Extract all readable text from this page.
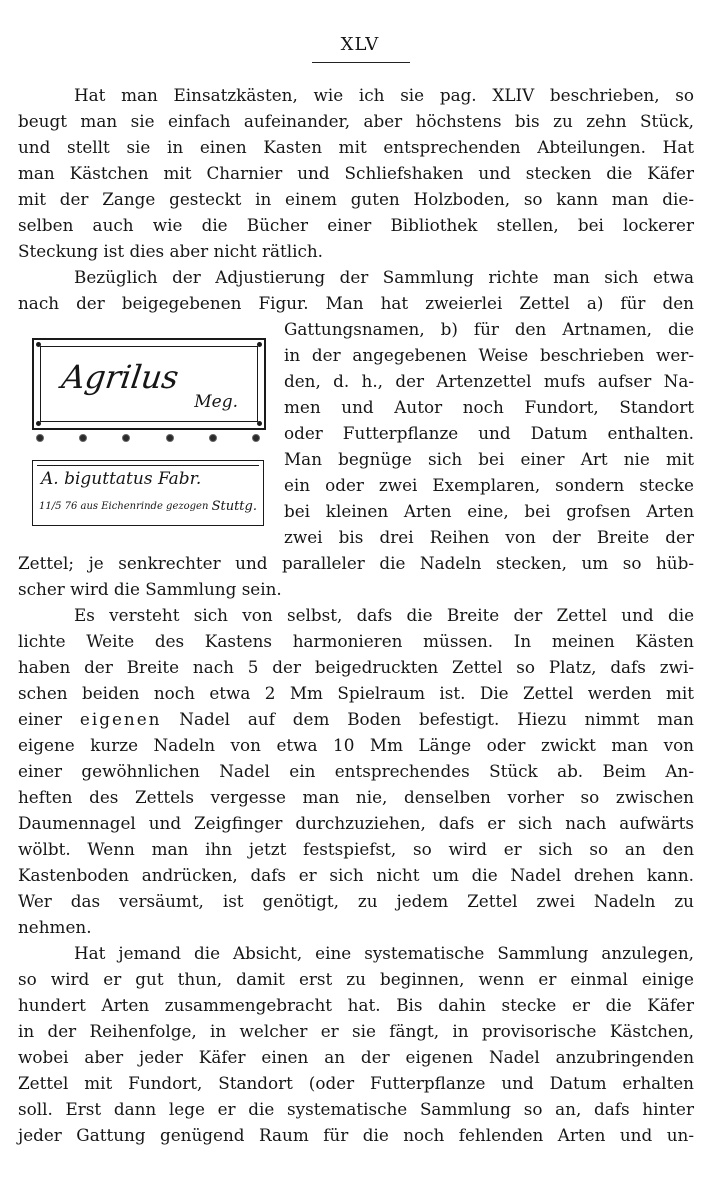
XLV

Hat man Einsatzkästen, wie ich sie pag. XLIV beschrieben, so

beugt man sie einfach aufeinander, aber höchstens bis zu zehn Stück,

und stellt sie in einen Kasten mit entsprechenden Abteilungen. Hat

man Kästchen mit Charnier und Schliefshaken und stecken die Käfer

mit der Zange gesteckt in einem guten Holzboden, so kann man die-

selben auch wie die Bücher einer Bibliothek stellen, bei lockerer

Steckung ist dies aber nicht rätlich.

Bezüglich der Adjustierung der Sammlung richte man sich etwa

nach der beigegebenen Figur. Man hat zweierlei Zettel a) für den

Gattungsnamen, b) für den Artnamen, die

in der angegebenen Weise beschrieben wer-

den, d. h., der Artenzettel mufs aufser Na-

men und Autor noch Fundort, Standort

oder Futterpflanze und Datum enthalten.

Man begnüge sich bei einer Art nie mit

ein oder zwei Exemplaren, sondern stecke

bei kleinen Arten eine, bei grofsen Arten

zwei bis drei Reihen von der Breite der

Zettel; je senkrechter und paralleler die Nadeln stecken, um so hüb-

scher wird die Sammlung sein.

Agrilus
Meg.
A. biguttatus Fabr.
11/5 76 aus Eichenrinde gezogen Stuttg.

Es versteht sich von selbst, dafs die Breite der Zettel und die

lichte Weite des Kastens harmonieren müssen. In meinen Kästen

haben der Breite nach 5 der beigedruckten Zettel so Platz, dafs zwi-

schen beiden noch etwa 2 Mm Spielraum ist. Die Zettel werden mit

einer eigenen Nadel auf dem Boden befestigt. Hiezu nimmt man

eigene kurze Nadeln von etwa 10 Mm Länge oder zwickt man von

einer gewöhnlichen Nadel ein entsprechendes Stück ab. Beim An-

heften des Zettels vergesse man nie, denselben vorher so zwischen

Daumennagel und Zeigfinger durchzuziehen, dafs er sich nach aufwärts

wölbt. Wenn man ihn jetzt festspiefst, so wird er sich so an den

Kastenboden andrücken, dafs er sich nicht um die Nadel drehen kann.

Wer das versäumt, ist genötigt, zu jedem Zettel zwei Nadeln zu

nehmen.

Hat jemand die Absicht, eine systematische Sammlung anzulegen,

so wird er gut thun, damit erst zu beginnen, wenn er einmal einige

hundert Arten zusammengebracht hat. Bis dahin stecke er die Käfer

in der Reihenfolge, in welcher er sie fängt, in provisorische Kästchen,

wobei aber jeder Käfer einen an der eigenen Nadel anzubringenden

Zettel mit Fundort, Standort (oder Futterpflanze und Datum erhalten

soll. Erst dann lege er die systematische Sammlung so an, dafs hinter

jeder Gattung genügend Raum für die noch fehlenden Arten und un-
